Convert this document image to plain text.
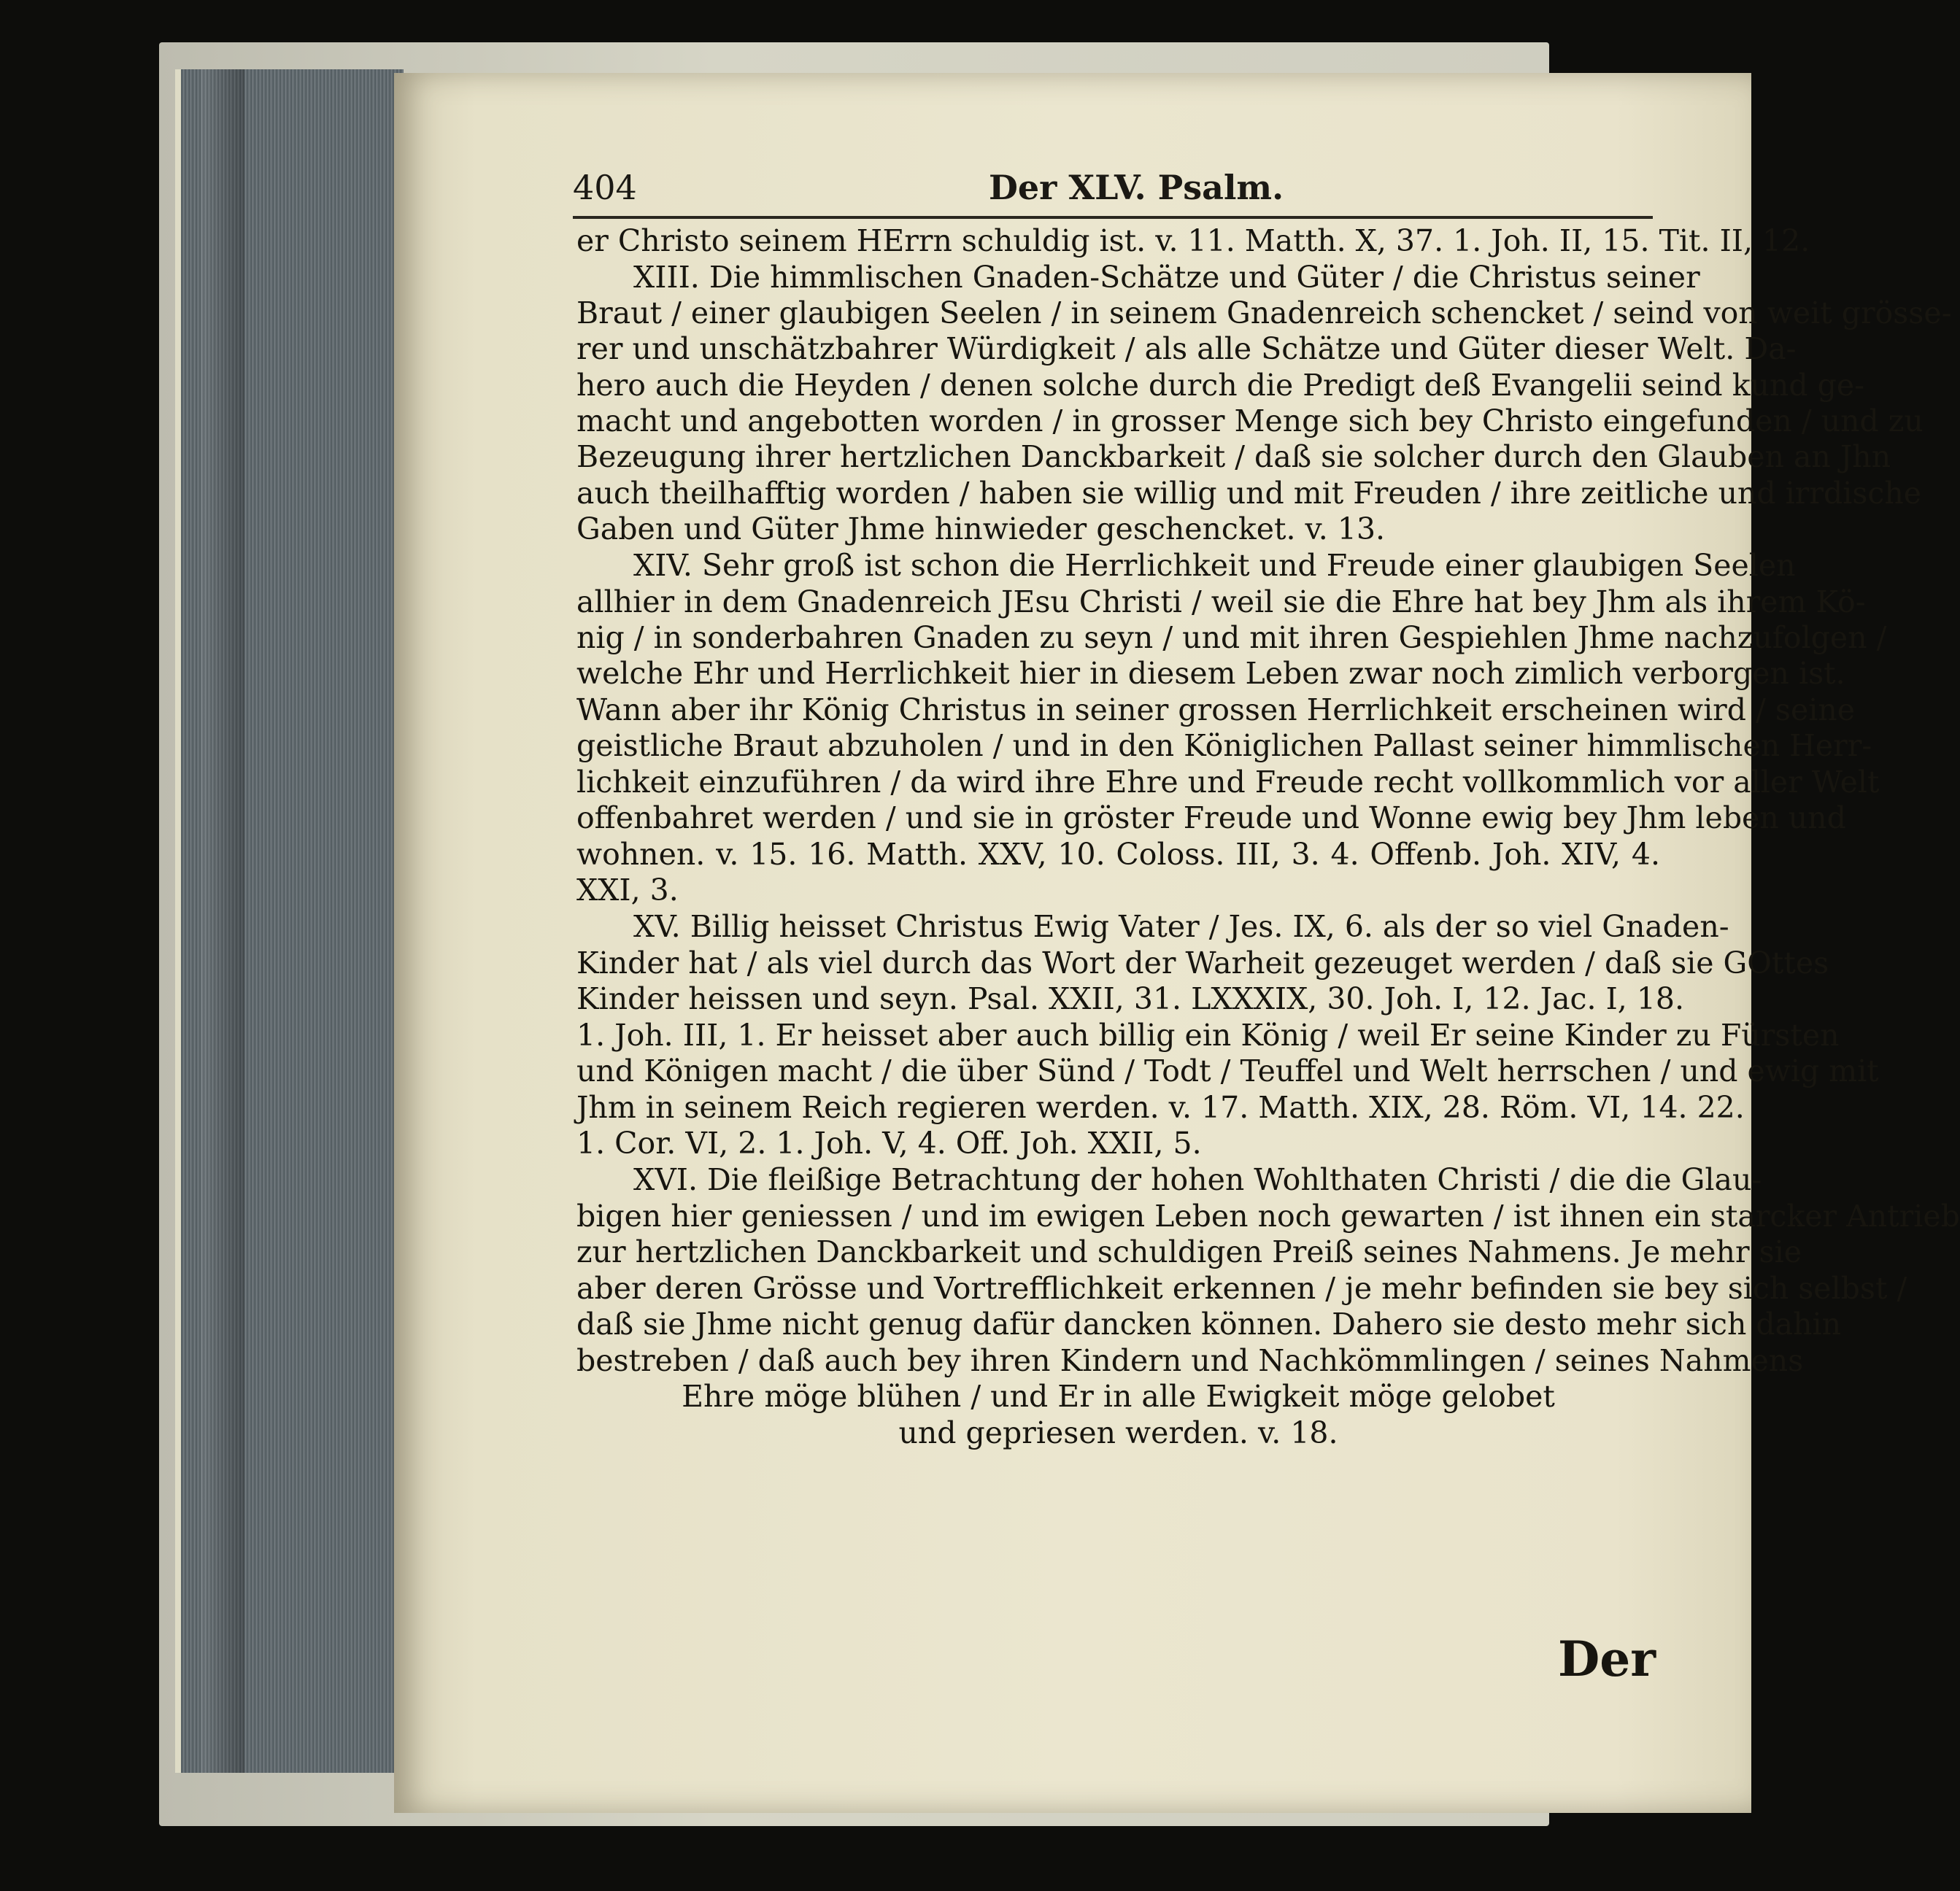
404	Der XLV. Psalm.
er Christo seinem HErrn schuldig ist. v. 11. Matth. X, 37. 1. Joh. II, 15. Tit. II, 12.
XIII. Die himmlischen Gnaden-Schätze und Güter / die Christus seiner
Braut / einer glaubigen Seelen / in seinem Gnadenreich schencket / seind von weit grösse-
rer und unschätzbahrer Würdigkeit / als alle Schätze und Güter dieser Welt. Da-
hero auch die Heyden / denen solche durch die Predigt deß Evangelii seind kund ge-
macht und angebotten worden / in grosser Menge sich bey Christo eingefunden / und zu
Bezeugung ihrer hertzlichen Danckbarkeit / daß sie solcher durch den Glauben an Jhn
auch theilhafftig worden / haben sie willig und mit Freuden / ihre zeitliche und irrdische
Gaben und Güter Jhme hinwieder geschencket. v. 13.
XIV. Sehr groß ist schon die Herrlichkeit und Freude einer glaubigen Seelen
allhier in dem Gnadenreich JEsu Christi / weil sie die Ehre hat bey Jhm als ihrem Kö-
nig / in sonderbahren Gnaden zu seyn / und mit ihren Gespiehlen Jhme nachzufolgen /
welche Ehr und Herrlichkeit hier in diesem Leben zwar noch zimlich verborgen ist.
Wann aber ihr König Christus in seiner grossen Herrlichkeit erscheinen wird / seine
geistliche Braut abzuholen / und in den Königlichen Pallast seiner himmlischen Herr-
lichkeit einzuführen / da wird ihre Ehre und Freude recht vollkommlich vor aller Welt
offenbahret werden / und sie in gröster Freude und Wonne ewig bey Jhm leben und
wohnen. v. 15. 16. Matth. XXV, 10. Coloss. III, 3. 4. Offenb. Joh. XIV, 4.
XXI, 3.
XV. Billig heisset Christus Ewig Vater / Jes. IX, 6. als der so viel Gnaden-
Kinder hat / als viel durch das Wort der Warheit gezeuget werden / daß sie GOttes
Kinder heissen und seyn. Psal. XXII, 31. LXXXIX, 30. Joh. I, 12. Jac. I, 18.
1. Joh. III, 1. Er heisset aber auch billig ein König / weil Er seine Kinder zu Fürsten
und Königen macht / die über Sünd / Todt / Teuffel und Welt herrschen / und ewig mit
Jhm in seinem Reich regieren werden. v. 17. Matth. XIX, 28. Röm. VI, 14. 22.
1. Cor. VI, 2. 1. Joh. V, 4. Off. Joh. XXII, 5.
XVI. Die fleißige Betrachtung der hohen Wohlthaten Christi / die die Glau-
bigen hier geniessen / und im ewigen Leben noch gewarten / ist ihnen ein starcker Antrieb
zur hertzlichen Danckbarkeit und schuldigen Preiß seines Nahmens. Je mehr sie
aber deren Grösse und Vortrefflichkeit erkennen / je mehr befinden sie bey sich selbst /
daß sie Jhme nicht genug dafür dancken können. Dahero sie desto mehr sich dahin
bestreben / daß auch bey ihren Kindern und Nachkömmlingen / seines Nahmens
Ehre möge blühen / und Er in alle Ewigkeit möge gelobet
und gepriesen werden. v. 18.
Der
